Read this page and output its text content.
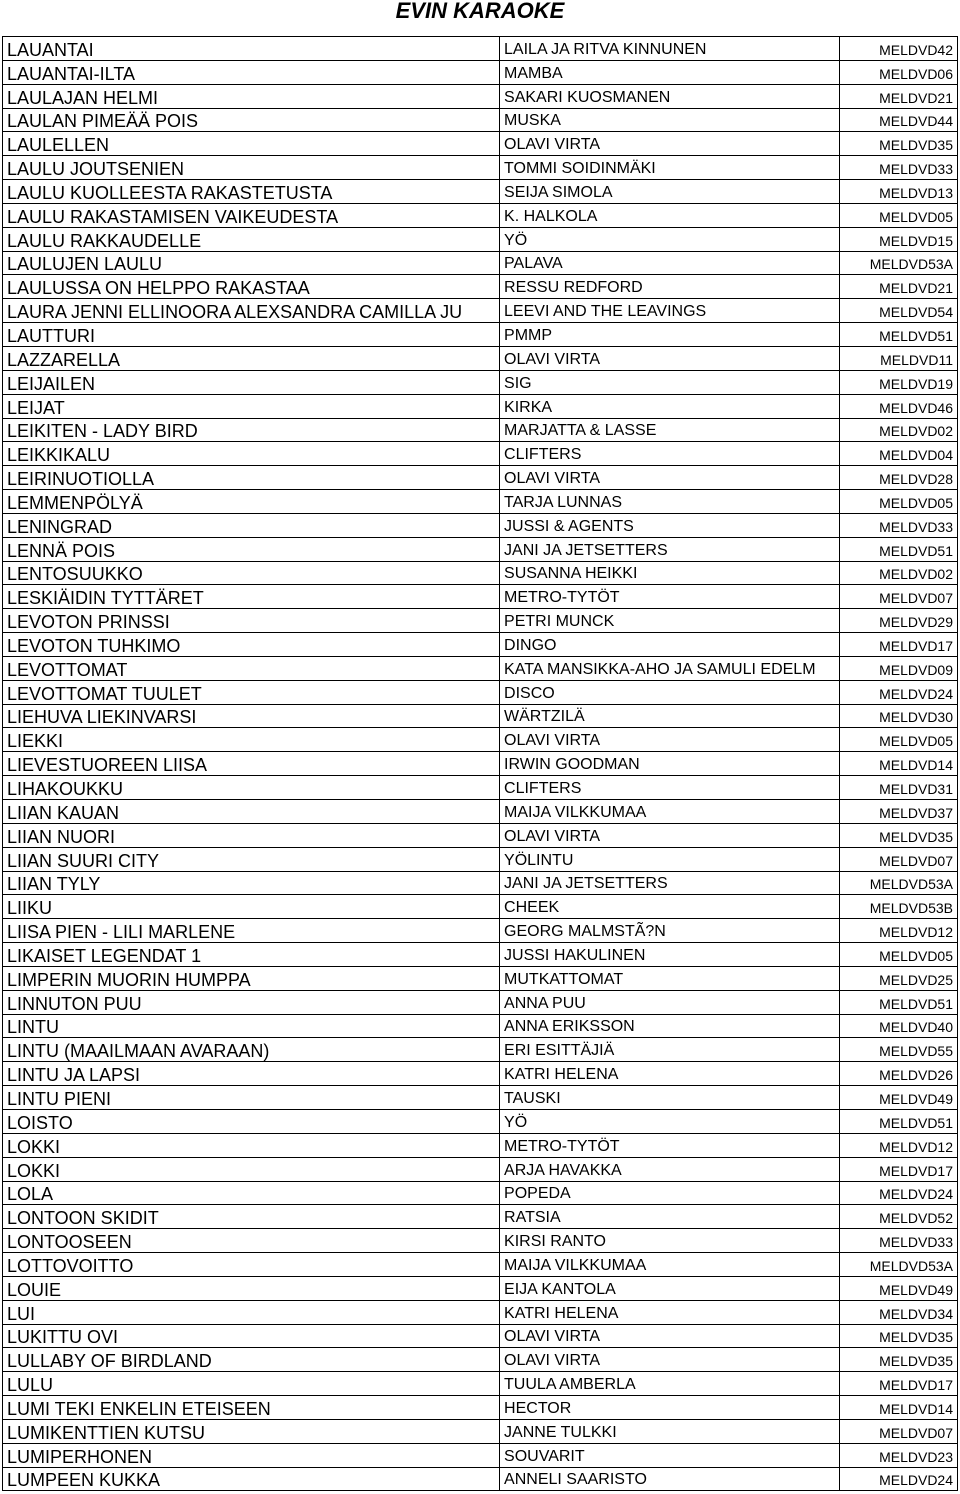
EVIN KARAOKE
LAUANTAI	LAILA JA RITVA KINNUNEN	MELDVD42
LAUANTAI-ILTA	MAMBA	MELDVD06
LAULAJAN HELMI	SAKARI KUOSMANEN	MELDVD21
LAULAN PIMEÄÄ POIS	MUSKA	MELDVD44
LAULELLEN	OLAVI VIRTA	MELDVD35
LAULU JOUTSENIEN	TOMMI SOIDINMÄKI	MELDVD33
LAULU KUOLLEESTA RAKASTETUSTA	SEIJA SIMOLA	MELDVD13
LAULU RAKASTAMISEN VAIKEUDESTA	K. HALKOLA	MELDVD05
LAULU RAKKAUDELLE	YÖ	MELDVD15
LAULUJEN LAULU	PALAVA	MELDVD53A
LAULUSSA ON HELPPO RAKASTAA	RESSU REDFORD	MELDVD21
LAURA JENNI ELLINOORA ALEXSANDRA CAMILLA JU	LEEVI AND THE LEAVINGS	MELDVD54
LAUTTURI	PMMP	MELDVD51
LAZZARELLA	OLAVI VIRTA	MELDVD11
LEIJAILEN	SIG	MELDVD19
LEIJAT	KIRKA	MELDVD46
LEIKITEN - LADY BIRD	MARJATTA & LASSE	MELDVD02
LEIKKIKALU	CLIFTERS	MELDVD04
LEIRINUOTIOLLA	OLAVI VIRTA	MELDVD28
LEMMENPÖLYÄ	TARJA LUNNAS	MELDVD05
LENINGRAD	JUSSI & AGENTS	MELDVD33
LENNÄ POIS	JANI JA JETSETTERS	MELDVD51
LENTOSUUKKO	SUSANNA HEIKKI	MELDVD02
LESKIÄIDIN TYTTÄRET	METRO-TYTÖT	MELDVD07
LEVOTON PRINSSI	PETRI MUNCK	MELDVD29
LEVOTON TUHKIMO	DINGO	MELDVD17
LEVOTTOMAT	KATA MANSIKKA-AHO JA SAMULI EDELM	MELDVD09
LEVOTTOMAT TUULET	DISCO	MELDVD24
LIEHUVA LIEKINVARSI	WÄRTZILÄ	MELDVD30
LIEKKI	OLAVI VIRTA	MELDVD05
LIEVESTUOREEN LIISA	IRWIN GOODMAN	MELDVD14
LIHAKOUKKU	CLIFTERS	MELDVD31
LIIAN KAUAN	MAIJA VILKKUMAA	MELDVD37
LIIAN NUORI	OLAVI VIRTA	MELDVD35
LIIAN SUURI CITY	YÖLINTU	MELDVD07
LIIAN TYLY	JANI JA JETSETTERS	MELDVD53A
LIIKU	CHEEK	MELDVD53B
LIISA PIEN - LILI MARLENE	GEORG MALMSTÃ?N	MELDVD12
LIKAISET LEGENDAT 1	JUSSI HAKULINEN	MELDVD05
LIMPERIN MUORIN HUMPPA	MUTKATTOMAT	MELDVD25
LINNUTON PUU	ANNA PUU	MELDVD51
LINTU	ANNA ERIKSSON	MELDVD40
LINTU (MAAILMAAN AVARAAN)	ERI ESITTÄJIÄ	MELDVD55
LINTU JA LAPSI	KATRI HELENA	MELDVD26
LINTU PIENI	TAUSKI	MELDVD49
LOISTO	YÖ	MELDVD51
LOKKI	METRO-TYTÖT	MELDVD12
LOKKI	ARJA HAVAKKA	MELDVD17
LOLA	POPEDA	MELDVD24
LONTOON SKIDIT	RATSIA	MELDVD52
LONTOOSEEN	KIRSI RANTO	MELDVD33
LOTTOVOITTO	MAIJA VILKKUMAA	MELDVD53A
LOUIE	EIJA KANTOLA	MELDVD49
LUI	KATRI HELENA	MELDVD34
LUKITTU OVI	OLAVI VIRTA	MELDVD35
LULLABY OF BIRDLAND	OLAVI VIRTA	MELDVD35
LULU	TUULA AMBERLA	MELDVD17
LUMI TEKI ENKELIN ETEISEEN	HECTOR	MELDVD14
LUMIKENTTIEN KUTSU	JANNE TULKKI	MELDVD07
LUMIPERHONEN	SOUVARIT	MELDVD23
LUMPEEN KUKKA	ANNELI SAARISTO	MELDVD24
